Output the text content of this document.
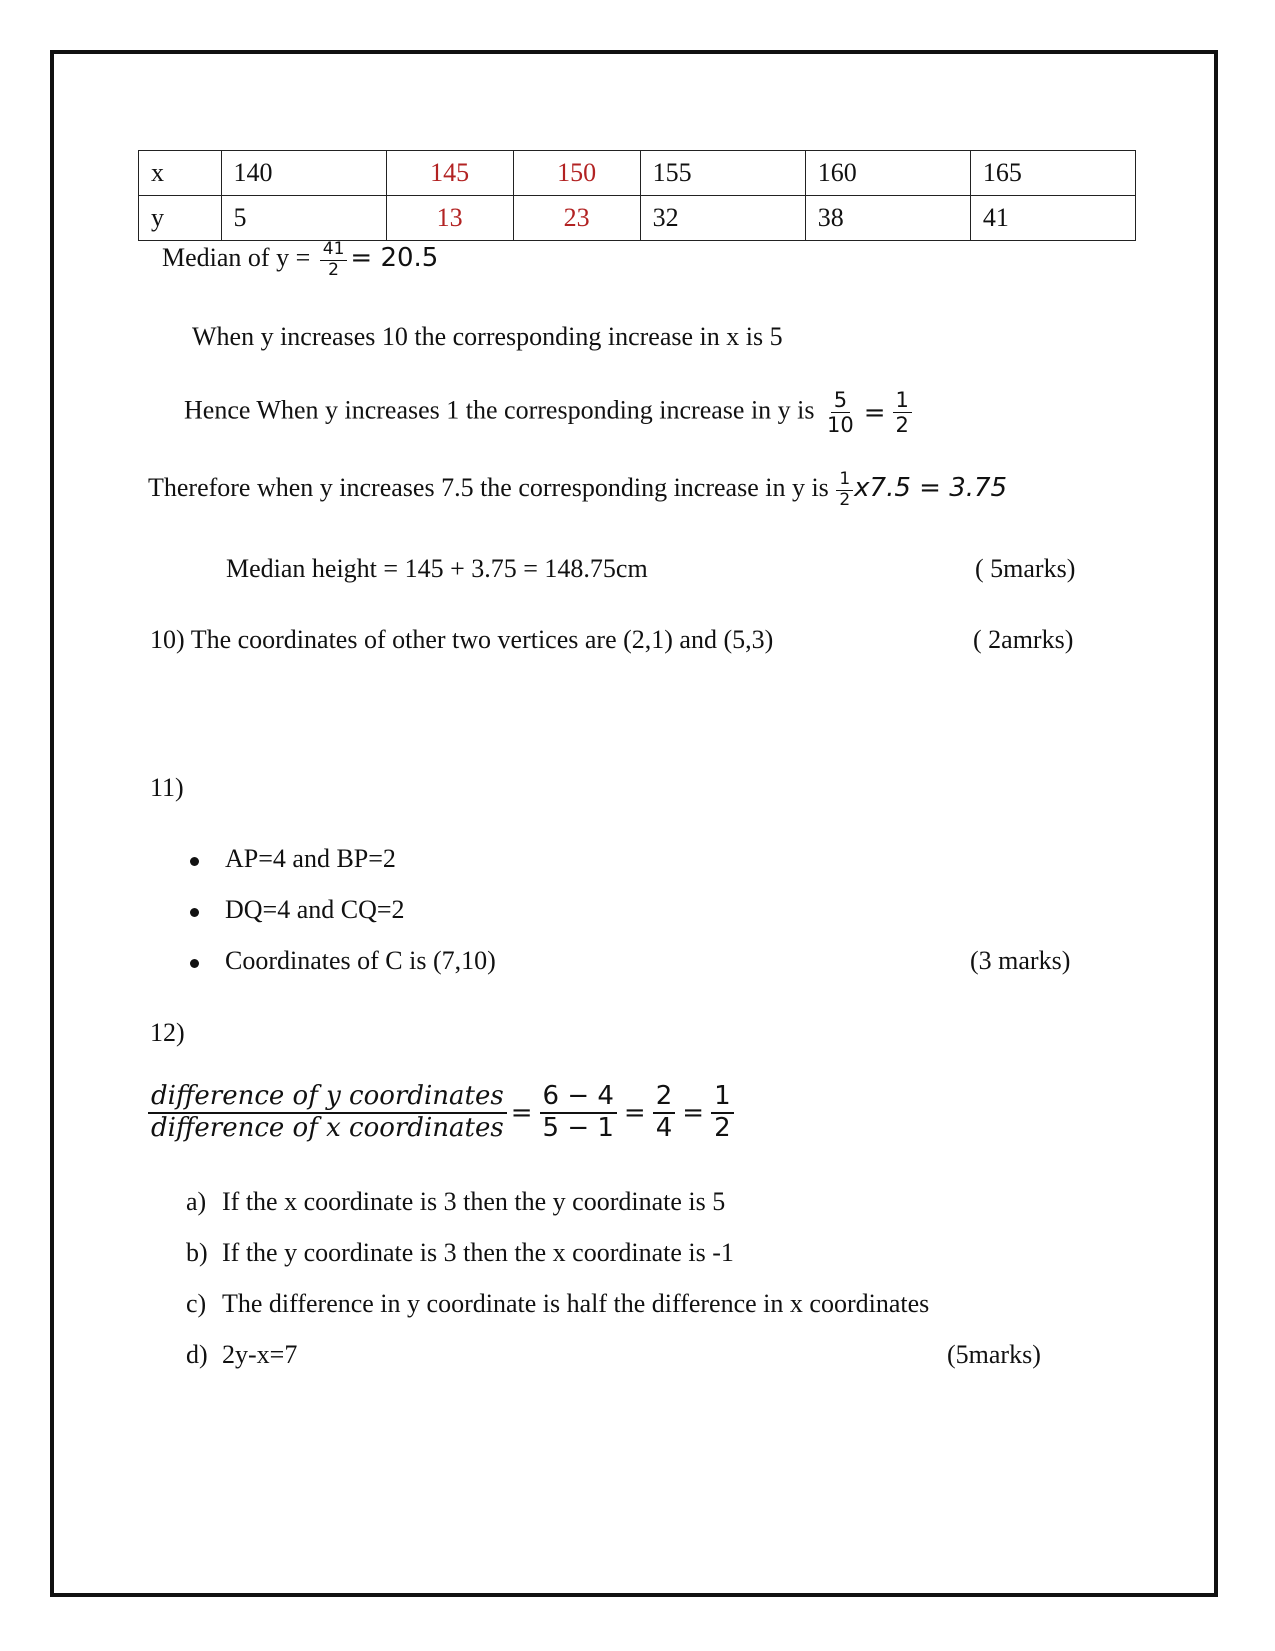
x	140	145	150	155	160	165
y	5	13	23	32	38	41
Median of $y = \frac{41}{2} = 20.5$
When y increases 10 the corresponding increase in x is 5
Hence When y increases 1 the corresponding increase in y is $\frac{5}{10} = \frac{1}{2}$
Therefore when y increases 7.5 the corresponding increase in y is $\frac{1}{2} x7.5 = 3.75$
Median height = 145 + 3.75 = 148.75cm	( 5marks)
10) The coordinates of other two vertices are (2,1) and (5,3)	( 2amrks)
11)
AP=4 and BP=2
DQ=4 and CQ=2
Coordinates of C is (7,10)	(3 marks)
12)
$\frac{\text{difference of y coordinates}}{\text{difference of x coordinates}} = \frac{6 - 4}{5 - 1} = \frac{2}{4} = \frac{1}{2}$
a) If the x coordinate is 3 then the y coordinate is 5
b) If the y coordinate is 3 then the x coordinate is -1
c) The difference in y coordinate is half the difference in x coordinates
d) 2y-x=7	(5marks)
